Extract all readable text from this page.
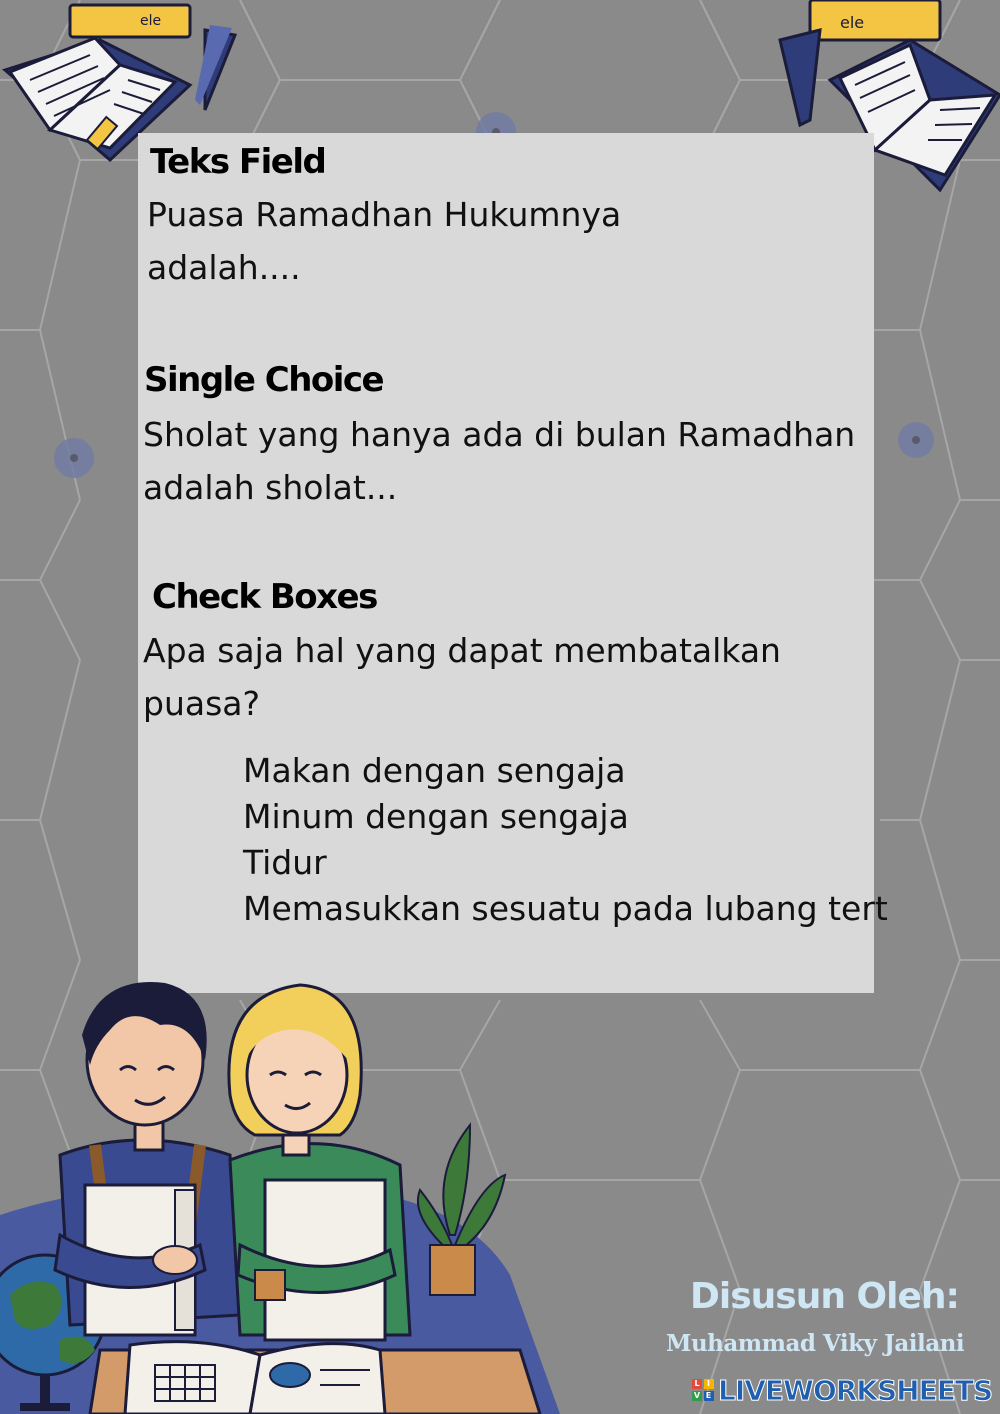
ele	ele
Teks Field

Puasa Ramadhan Hukumnya

adalah....

Single Choice

Sholat yang hanya ada di bulan Ramadhan

adalah sholat...

Check Boxes

Apa saja hal yang dapat membatalkan

puasa?

Makan dengan sengaja
Minum dengan sengaja
Tidur
Memasukkan sesuatu pada lubang tert
Disusun Oleh:
Muhammad Viky Jailani
L I
V E LIVEWORKSHEETS
